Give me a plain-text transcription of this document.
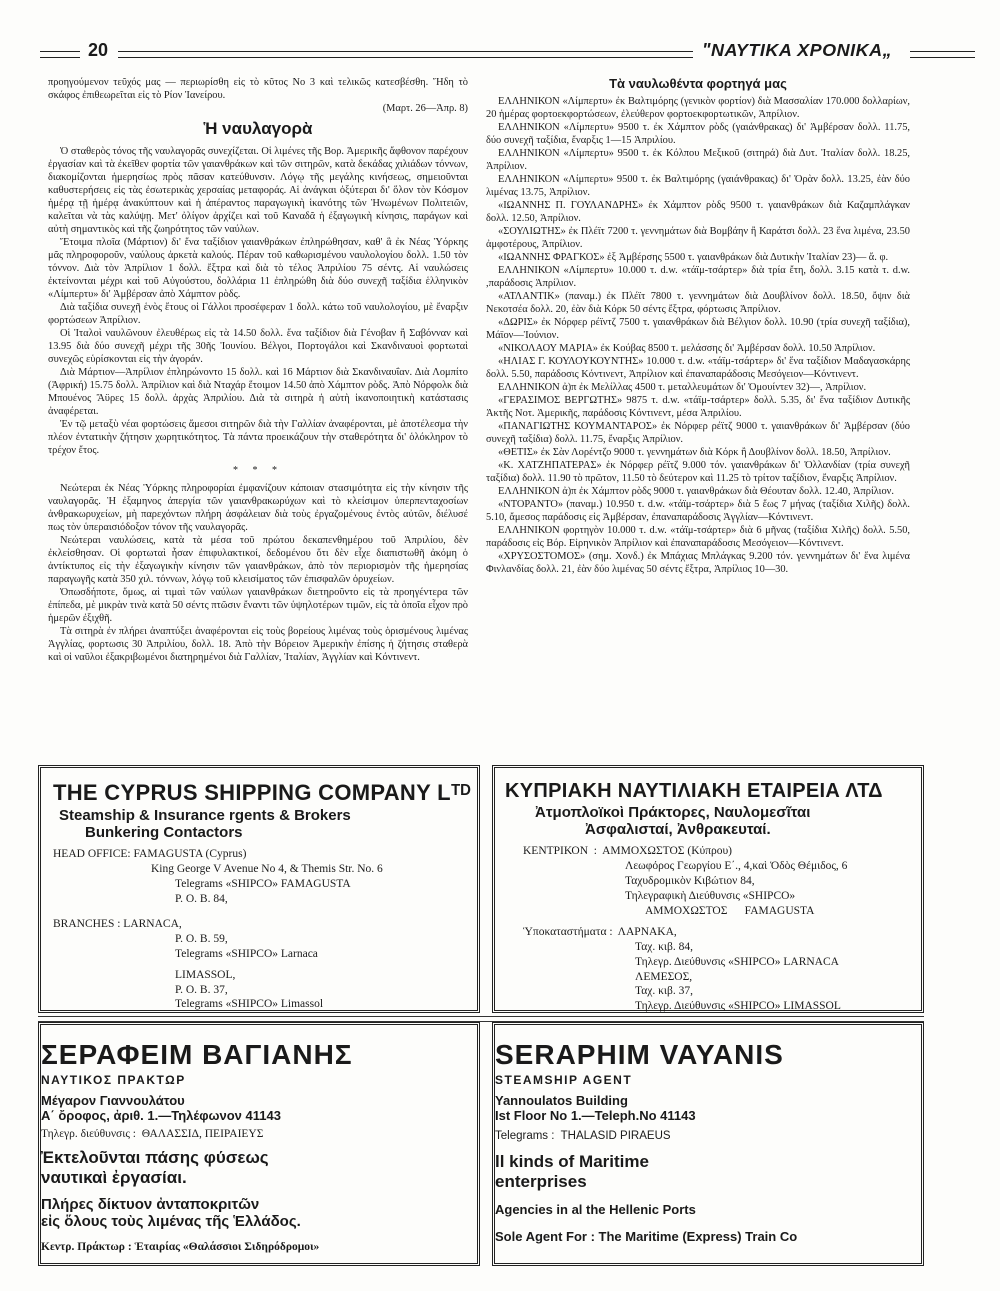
20	"ΝΑΥΤΙΚΑ ΧΡΟΝΙΚΑ„

προηγούμενον τεῦχός μας — περιωρίσθη εἰς τὸ κῦτος Νο 3 καὶ τελικῶς κατεσβέσθη. Ἤδη τὸ σκάφος ἐπιθεωρεῖται εἰς τὸ Ρίον Ἰανείρου.

(Μαρτ. 26—Ἀπρ. 8)

Ἡ ναυλαγορὰ

Ὁ σταθερὸς τόνος τῆς ναυλαγορᾶς συνεχίζεται. Οἱ λιμένες τῆς Βορ. Ἀμερικῆς ἄφθονον παρέχουν ἐργασίαν καὶ τὰ ἐκεῖθεν φορτία τῶν γαιανθράκων καὶ τῶν σιτηρῶν, κατὰ δεκάδας χιλιάδων τόννων, διακομίζονται ἡμερησίως πρὸς πᾶσαν κατεύθυνσιν. Λόγῳ τῆς μεγάλης κινήσεως, σημειοῦνται καθυστερήσεις εἰς τὰς ἐσωτερικὰς χερσαίας μεταφοράς. Αἱ ἀνάγκαι ὀξύτεραι δι' ὅλον τὸν Κόσμον ἡμέρᾳ τῇ ἡμέρᾳ ἀνακύπτουν καὶ ἡ ἀπέραντος παραγωγικὴ ἱκανότης τῶν Ἡνωμένων Πολιτειῶν, καλεῖται νὰ τὰς καλύψῃ. Μετ' ὀλίγον ἀρχίζει καὶ τοῦ Καναδᾶ ἡ ἐξαγωγικὴ κίνησις, παράγων καὶ αὐτὴ σημαντικὸς καὶ τῆς ζωηρότητος τῶν ναύλων.

Ἕτοιμα πλοῖα (Μάρτιον) δι' ἕνα ταξίδιον γαιανθράκων ἐπληρώθησαν, καθ' ἃ ἐκ Νέας Ὑόρκης μᾶς πληροφοροῦν, ναύλους ἀρκετὰ καλούς. Πέραν τοῦ καθωρισμένου ναυλολογίου δολλ. 1.50 τὸν τόννον. Διὰ τὸν Ἀπρίλιον 1 δολλ. ἔξτρα καὶ διὰ τὸ τέλος Ἀπριλίου 75 σέντς. Αἱ ναυλώσεις ἐκτείνονται μέχρι καὶ τοῦ Αὐγούστου, δολλάρια 11 ἐπληρώθη διὰ δύο συνεχῆ ταξίδια ἑλληνικὸν «Λίμπερτυ» δι' Ἀμβέρσαν ἀπὸ Χάμπτον ρὸδς.

Διὰ ταξίδια συνεχῆ ἑνὸς ἔτους οἱ Γάλλοι προσέφεραν 1 δολλ. κάτω τοῦ ναυλολογίου, μὲ ἔναρξιν φορτώσεων Ἀπρίλιον.

Οἱ Ἰταλοὶ ναυλῶνουν ἐλευθέρως εἰς τὰ 14.50 δολλ. ἕνα ταξίδιον διὰ Γένοβαν ἢ Σαβόνναν καὶ 13.95 διὰ δύο συνεχῆ μέχρι τῆς 30ῆς Ἰουνίου. Βέλγοι, Πορτογάλοι καὶ Σκανδιναυοὶ φορτωταὶ συνεχῶς εὑρίσκονται εἰς τὴν ἀγοράν.

Διὰ Μάρτιον—Ἀπρίλιον ἐπληρώνοντο 15 δολλ. καὶ 16 Μάρτιον διὰ Σκανδιναυΐαν. Διὰ Λομπίτο (Ἀφρική) 15.75 δολλ. Ἀπρίλιον καὶ διὰ Νταχάρ ἕτοιμον 14.50 ἀπὸ Χάμπτον ρὸδς. Ἀπὸ Νόρφολκ διὰ Μπουένος Ἄϋρες 15 δολλ. ἀρχὰς Ἀπριλίου. Διὰ τὰ σιτηρὰ ἡ αὐτὴ ἱκανοποιητικὴ κατάστασις ἀναφέρεται.

Ἐν τῷ μεταξὺ νέαι φορτώσεις ἄμεσοι σιτηρῶν διὰ τὴν Γαλλίαν ἀναφέρονται, μὲ ἀποτέλεσμα τὴν πλέον ἐντατικὴν ζήτησιν χωρητικότητος. Τὰ πάντα προεικάζουν τὴν σταθερότητα δι' ὁλόκληρον τὸ τρέχον ἔτος.

* * *

Νεώτεραι ἐκ Νέας Ὑόρκης πληροφορίαι ἐμφανίζουν κάποιαν στασιμότητα εἰς τὴν κίνησιν τῆς ναυλαγορᾶς. Ἡ ἐξαμηνος ἀπεργία τῶν γαιανθρακωρύχων καὶ τὸ κλείσιμον ὑπερπενταχοσίων ἀνθρακωρυχείων, μὴ παρεχόντων πλήρη ἀσφάλειαν διὰ τοὺς ἐργαζομένους ἐντὸς αὐτῶν, διέλυσέ πως τὸν ὑπεραισιόδοξον τόνον τῆς ναυλαγορᾶς.

Νεώτεραι ναυλώσεις, κατὰ τὰ μέσα τοῦ πρώτου δεκαπενθημέρου τοῦ Ἀπριλίου, δὲν ἐκλείσθησαν. Οἱ φορτωταὶ ἦσαν ἐπιφυλακτικοί, δεδομένου ὅτι δὲν εἶχε διαπιστωθῆ ἀκόμη ὁ ἀντίκτυπος εἰς τὴν ἐξαγωγικὴν κίνησιν τῶν γαιανθράκων, ἀπὸ τὸν περιορισμὸν τῆς ἡμερησίας παραγωγῆς κατὰ 350 χιλ. τόννων, λόγῳ τοῦ κλεισίματος τῶν ἐπισφαλῶν ὀρυχείων.

Ὁπωσδήποτε, ὅμως, αἱ τιμαὶ τῶν ναύλων γαιανθράκων διετηροῦντο εἰς τὰ προηγέντερα τῶν ἐπίπεδα, μὲ μικρὰν τινὰ κατὰ 50 σέντς πτῶσιν ἔναντι τῶν ὑψηλοτέρων τιμῶν, εἰς τὰ ὁποῖα εἶχον πρὸ ἡμερῶν ἐξιχθῆ.

Τὰ σιτηρὰ ἐν πλήρει ἀναπτύξει ἀναφέρονται εἰς τοὺς βορείους λιμένας τοὺς ὁρισμένους λιμένας Ἀγγλίας, φορτωσις 30 Ἀπριλίου, δολλ. 18. Ἀπὸ τὴν Βόρειον Ἀμερικὴν ἐπίσης ἡ ζήτησις σταθερὰ καὶ οἱ ναῦλοι ἐξακριβωμένοι διατηρημένοι διὰ Γαλλίαν, Ἰταλίαν, Ἀγγλίαν καὶ Κόντινεντ.

Τὰ ναυλωθέντα φορτηγά μας

ΕΛΛΗΝΙΚΟΝ «Λίμπερτυ» ἐκ Βαλτιμόρης (γενικὸν φορτίον) διὰ Μασσαλίαν 170.000 δολλαρίων, 20 ἡμέρας φορτοεκφορτώσεων, ἐλεύθερον φορτοεκφορτωτικῶν, Ἀπρίλιον.

ΕΛΛΗΝΙΚΟΝ «Λίμπερτυ» 9500 τ. ἐκ Χάμπτον ρὸδς (γαιάνθρακας) δι' Ἀμβέρσαν δολλ. 11.75, δύο συνεχῆ ταξίδια, ἔναρξις 1—15 Ἀπριλίου.

ΕΛΛΗΝΙΚΟΝ «Λίμπερτυ» 9500 τ. ἐκ Κόλπου Μεξικοῦ (σιτηρά) διὰ Δυτ. Ἰταλίαν δολλ. 18.25, Ἀπρίλιον.

ΕΛΛΗΝΙΚΟΝ «Λίμπερτυ» 9500 τ. ἐκ Βαλτιμόρης (γαιάνθρακας) δι' Ὀρὰν δολλ. 13.25, ἐὰν δύο λιμένας 13.75, Ἀπρίλιον.

«ΙΩΑΝΝΗΣ Π. ΓΟΥΛΑΝΔΡΗΣ» ἐκ Χάμπτον ρὸδς 9500 τ. γαιανθράκων διὰ Καζαμπλάγκαν δολλ. 12.50, Ἀπρίλιον.

«ΣΟΥΛΙΩΤΗΣ» ἐκ Πλέϊτ 7200 τ. γεννημάτων διὰ Βομβάην ἢ Καράτσι δολλ. 23 ἕνα λιμένα, 23.50 ἀμφοτέρους, Ἀπρίλιον.

«ΙΩΑΝΝΗΣ ΦΡΑΓΚΟΣ» ἐξ Ἀμβέρσης 5500 τ. γαιανθράκων διὰ Δυτικὴν Ἰταλίαν 23)— ἄ. φ.

ΕΛΛΗΝΙΚΟΝ «Λίμπερτυ» 10.000 τ. d.w. «τάϊμ-τσάρτερ» διὰ τρία ἔτη, δολλ. 3.15 κατὰ τ. d.w. ,παράδοσις Ἀπρίλιον.

«ΑΤΛΑΝΤΙΚ» (παναμ.) ἐκ Πλέϊτ 7800 τ. γεννημάτων διὰ Δουβλίνον δολλ. 18.50, ὄψιν διὰ Νεκοτσέα δολλ. 20, ἐὰν διὰ Κόρκ 50 σέντς ἔξτρα, φόρτωσις Ἀπρίλιον.

«ΔΩΡΙΣ» ἐκ Νόρφερ ρέϊντζ 7500 τ. γαιανθράκων διὰ Βέλγιον δολλ. 10.90 (τρία συνεχῆ ταξίδια), Μάϊον—Ἰούνιον.

«ΝΙΚΟΛΑΟΥ ΜΑΡΙΑ» ἐκ Κούβας 8500 τ. μελάσσης δι' Ἀμβέρσαν δολλ. 10.50 Ἀπρίλιον.

«ΗΛΙΑΣ Γ. ΚΟΥΛΟΥΚΟΥΝΤΗΣ» 10.000 τ. d.w. «τάϊμ-τσάρτερ» δι' ἕνα ταξίδιον Μαδαγασκάρης δολλ. 5.50, παράδοσις Κόντινεντ, Ἀπρίλιον καὶ ἐπαναπαράδοσις Μεσόγειον—Κόντινεντ.

ΕΛΛΗΝΙΚΟΝ ἀ)π ἐκ Μελίλλας 4500 τ. μεταλλευμάτων δι' Ὁμουίντεν 32)—, Ἀπρίλιον.

«ΓΕΡΑΣΙΜΟΣ ΒΕΡΓΩΤΗΣ» 9875 τ. d.w. «τάϊμ-τσάρτερ» δολλ. 5.35, δι' ἕνα ταξίδιον Δυτικῆς Ἀκτῆς Νοτ. Ἀμερικῆς, παράδοσις Κόντινεντ, μέσα Ἀπριλίου.

«ΠΑΝΑΓΙΩΤΗΣ ΚΟΥΜΑΝΤΑΡΟΣ» ἐκ Νόρφερ ρέϊτζ 9000 τ. γαιανθράκων δι' Ἀμβέρσαν (δύο συνεχῆ ταξίδια) δολλ. 11.75, ἔναρξις Ἀπρίλιον.

«ΘΕΤΙΣ» ἐκ Σὰν Λορέντζο 9000 τ. γεννημάτων διὰ Κόρκ ἢ Δουβλίνον δολλ. 18.50, Ἀπρίλιον.

«Κ. ΧΑΤΖΗΠΑΤΕΡΑΣ» ἐκ Νόρφερ ρέϊτζ 9.000 τόν. γαιανθράκων δι' Ὀλλανδίαν (τρία συνεχῆ ταξίδια) δολλ. 11.90 τὸ πρῶτον, 11.50 τὸ δεύτερον καὶ 11.25 τὸ τρίτον ταξίδιον, ἔναρξις Ἀπρίλιον.

ΕΛΛΗΝΙΚΟΝ ἀ)π ἐκ Χάμπτον ρὸδς 9000 τ. γαιανθράκων διὰ Θέουταν δολλ. 12.40, Ἀπρίλιον.

«ΝΤΟΡΑΝΤΟ» (παναμ.) 10.950 τ. d.w. «τάϊμ-τσάρτερ» διὰ 5 ἕως 7 μήνας (ταξίδια Χιλῆς) δολλ. 5.10, ἄμεσος παράδοσις εἰς Ἀμβέρσαν, ἐπαναπαράδοσις Ἀγγλίαν—Κόντινεντ.

ΕΛΛΗΝΙΚΟΝ φορτηγὸν 10.000 τ. d.w. «τάϊμ-τσάρτερ» διὰ 6 μῆνας (ταξίδια Χιλῆς) δολλ. 5.50, παράδοσις εἰς Βόρ. Εἰρηνικὸν Ἀπρίλιον καὶ ἐπαναπαράδοσις Μεσόγειον—Κόντινεντ.

«ΧΡΥΣΟΣΤΟΜΟΣ» (σημ. Χονδ.) ἐκ Μπάχιας Μπλάγκας 9.200 τόν. γεννημάτων δι' ἕνα λιμένα Φινλανδίας δολλ. 21, ἐὰν δύο λιμένας 50 σέντς ἔξτρα, Ἀπρίλιος 10—30.

THE CYPRUS SHIPPING COMPANY Lᵀᴰ
Steamship & Insurance rgents & Brokers
Bunkering Contactors
HEAD OFFICE: FAMAGUSTA (Cyprus)
King George V Avenue No 4, & Themis Str. No. 6
Telegrams «SHIPCO» FAMAGUSTA
P. O. B. 84,
BRANCHES : LARNACA,
P. O. B. 59,
Telegrams «SHIPCO» Larnaca
LIMASSOL,
P. O. B. 37,
Telegrams «SHIPCO» Limassol
ΚΥΠΡΙΑΚΗ ΝΑΥΤΙΛΙΑΚΗ ΕΤΑΙΡΕΙΑ ΛΤΔ
Ἀτμοπλοϊκοὶ Πράκτορες, Ναυλομεσῖται
Ἀσφαλισταί, Ἀνθρακευταί.
ΚΕΝΤΡΙΚΟΝ  :  ΑΜΜΟΧΩΣΤΟΣ (Κύπρου)
Λεωφόρος Γεωργίου Ε΄., 4,καὶ Ὁδὸς Θέμιδος, 6
Ταχυδρομικὸν Κιβώτιον 84,
Τηλεγραφικὴ Διεύθυνσις «SHIPCO»
ΑΜΜΟΧΩΣΤΟΣ      FAMAGUSTA
Ὑποκαταστήματα :  ΛΑΡΝΑΚΑ,
Ταχ. κιβ. 84,
Τηλεγρ. Διεύθυνσις «SHIPCO» LARNACA
ΛΕΜΕΣΟΣ,
Ταχ. κιβ. 37,
Τηλεγρ. Διεύθυνσις «SHIPCO» LIMASSOL
ΣΕΡΑΦΕΙΜ ΒΑΓΙΑΝΗΣ
ΝΑΥΤΙΚΟΣ ΠΡΑΚΤΩΡ
Μέγαρον Γιαννουλάτου
Α΄ ὄροφος, ἀριθ. 1.—Τηλέφωνον 41143
Τηλεγρ. διεύθυνσις :  ΘΑΛΑΣΣΙΔ, ΠΕΙΡΑΙΕΥΣ
Ἐκτελοῦνται πάσης φύσεως
ναυτικαὶ ἐργασίαι.
Πλήρες δίκτυον ἀνταποκριτῶν
εἰς ὅλους τοὺς λιμένας τῆς Ἑλλάδος.
Κεντρ. Πράκτωρ : Ἑταιρίας «Θαλάσσιοι Σιδηρόδρομοι»
SERAPHIM VAYANIS
STEAMSHIP AGENT
Yannoulatos Building
Ist Floor No 1.—Teleph.No 41143
Telegrams :  THALASID PIRAEUS
ll kinds of Maritime
enterprises
Agencies in al the Hellenic Ports
Sole Agent For : The Maritime (Express) Train Co
